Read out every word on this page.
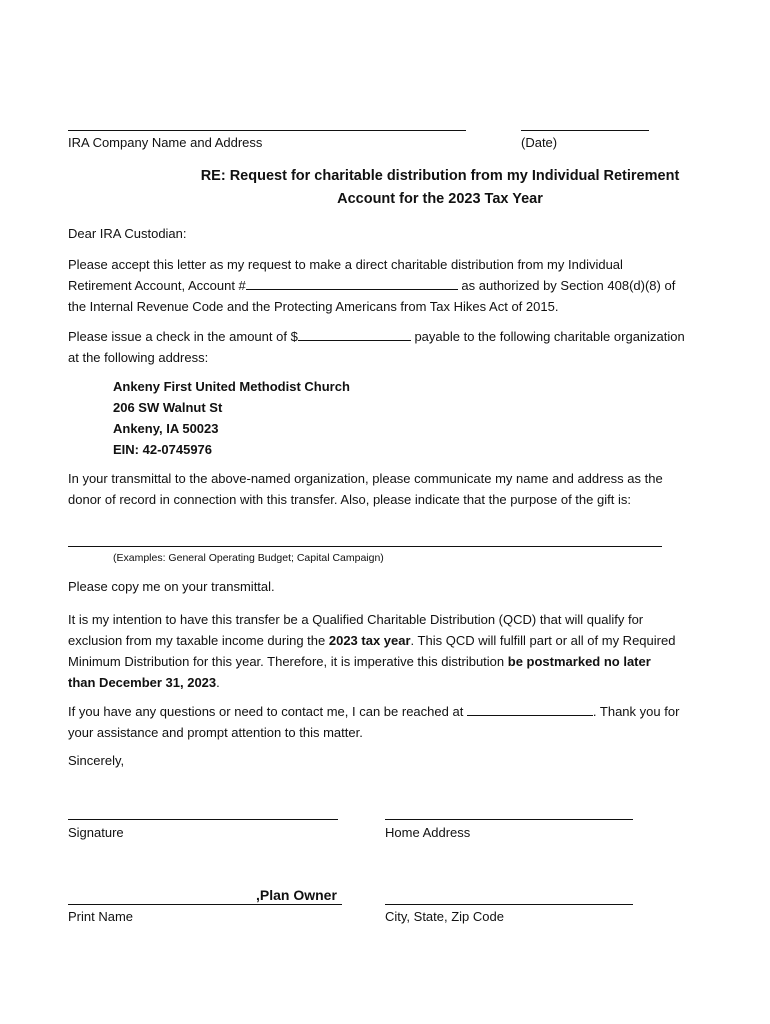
IRA Company Name and Address	(Date)
RE: Request for charitable distribution from my Individual Retirement
Account for the 2023 Tax Year
Dear IRA Custodian:
Please accept this letter as my request to make a direct charitable distribution from my Individual
Retirement Account, Account #	as authorized by Section 408(d)(8) of
the Internal Revenue Code and the Protecting Americans from Tax Hikes Act of 2015.
Please issue a check in the amount of $	payable to the following charitable organization
at the following address:
Ankeny First United Methodist Church
206 SW Walnut St
Ankeny, IA 50023
EIN: 42-0745976
In your transmittal to the above-named organization, please communicate my name and address as the
donor of record in connection with this transfer. Also, please indicate that the purpose of the gift is:
(Examples: General Operating Budget; Capital Campaign)
Please copy me on your transmittal.
It is my intention to have this transfer be a Qualified Charitable Distribution (QCD) that will qualify for
exclusion from my taxable income during the 2023 tax year. This QCD will fulfill part or all of my Required
Minimum Distribution for this year. Therefore, it is imperative this distribution be postmarked no later
than December 31, 2023.
If you have any questions or need to contact me, I can be reached at	. Thank you for
your assistance and prompt attention to this matter.
Sincerely,
Signature	Home Address
,Plan Owner
Print Name	City, State, Zip Code
